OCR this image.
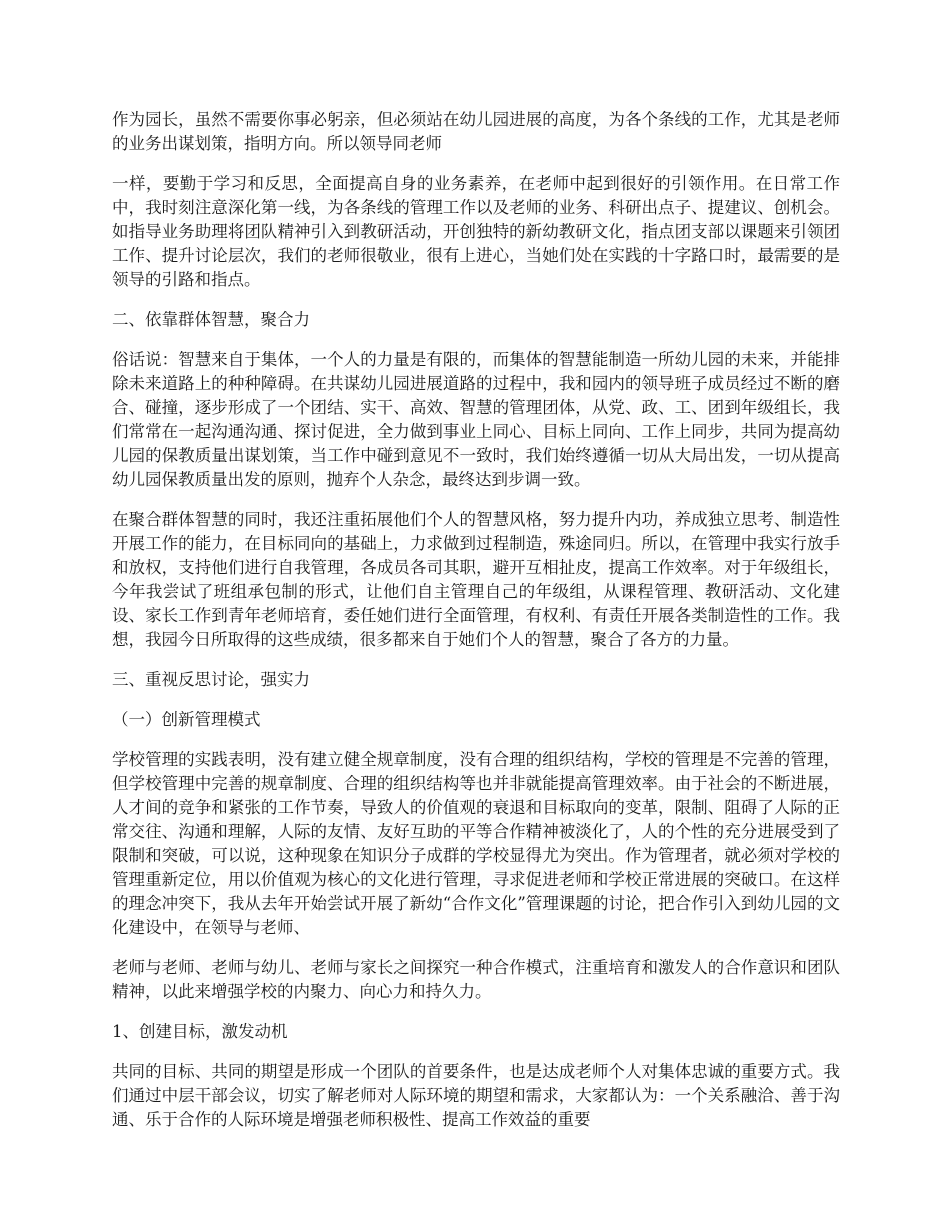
作为园长，虽然不需要你事必躬亲，但必须站在幼儿园进展的高度，为各个条线的工作，尤其是老师的业务出谋划策，指明方向。所以领导同老师

一样，要勤于学习和反思，全面提高自身的业务素养，在老师中起到很好的引领作用。在日常工作中，我时刻注意深化第一线，为各条线的管理工作以及老师的业务、科研出点子、提建议、创机会。如指导业务助理将团队精神引入到教研活动，开创独特的新幼教研文化，指点团支部以课题来引领团工作、提升讨论层次，我们的老师很敬业，很有上进心，当她们处在实践的十字路口时，最需要的是领导的引路和指点。

二、依靠群体智慧，聚合力

俗话说：智慧来自于集体，一个人的力量是有限的，而集体的智慧能制造一所幼儿园的未来，并能排除未来道路上的种种障碍。在共谋幼儿园进展道路的过程中，我和园内的领导班子成员经过不断的磨合、碰撞，逐步形成了一个团结、实干、高效、智慧的管理团体，从党、政、工、团到年级组长，我们常常在一起沟通沟通、探讨促进，全力做到事业上同心、目标上同向、工作上同步，共同为提高幼儿园的保教质量出谋划策，当工作中碰到意见不一致时，我们始终遵循一切从大局出发，一切从提高幼儿园保教质量出发的原则，抛弃个人杂念，最终达到步调一致。

在聚合群体智慧的同时，我还注重拓展他们个人的智慧风格，努力提升内功，养成独立思考、制造性开展工作的能力，在目标同向的基础上，力求做到过程制造，殊途同归。所以，在管理中我实行放手和放权，支持他们进行自我管理，各成员各司其职，避开互相扯皮，提高工作效率。对于年级组长，今年我尝试了班组承包制的形式，让他们自主管理自己的年级组，从课程管理、教研活动、文化建设、家长工作到青年老师培育，委任她们进行全面管理，有权利、有责任开展各类制造性的工作。我想，我园今日所取得的这些成绩，很多都来自于她们个人的智慧，聚合了各方的力量。

三、重视反思讨论，强实力

（一）创新管理模式

学校管理的实践表明，没有建立健全规章制度，没有合理的组织结构，学校的管理是不完善的管理，但学校管理中完善的规章制度、合理的组织结构等也并非就能提高管理效率。由于社会的不断进展，人才间的竞争和紧张的工作节奏，导致人的价值观的衰退和目标取向的变革，限制、阻碍了人际的正常交往、沟通和理解，人际的友情、友好互助的平等合作精神被淡化了，人的个性的充分进展受到了限制和突破，可以说，这种现象在知识分子成群的学校显得尤为突出。作为管理者，就必须对学校的管理重新定位，用以价值观为核心的文化进行管理，寻求促进老师和学校正常进展的突破口。在这样的理念冲突下，我从去年开始尝试开展了新幼“合作文化”管理课题的讨论，把合作引入到幼儿园的文化建设中，在领导与老师、

老师与老师、老师与幼儿、老师与家长之间探究一种合作模式，注重培育和激发人的合作意识和团队精神，以此来增强学校的内聚力、向心力和持久力。

1、创建目标，激发动机

共同的目标、共同的期望是形成一个团队的首要条件，也是达成老师个人对集体忠诚的重要方式。我们通过中层干部会议，切实了解老师对人际环境的期望和需求，大家都认为：一个关系融洽、善于沟通、乐于合作的人际环境是增强老师积极性、提高工作效益的重要
